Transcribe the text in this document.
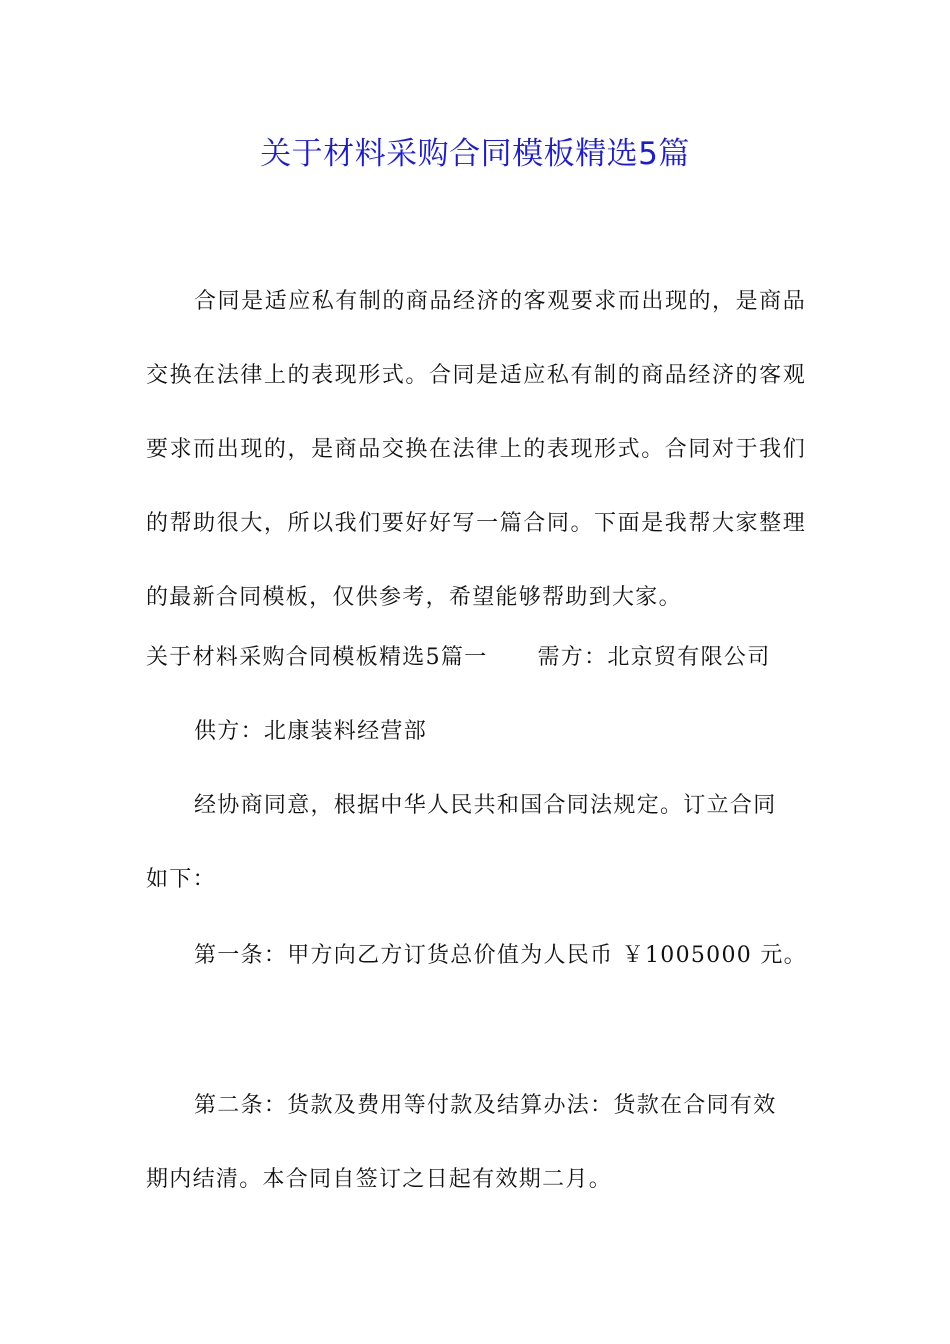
关于材料采购合同模板精选5篇
合同是适应私有制的商品经济的客观要求而出现的，是商品交换在法律上的表现形式。合同是适应私有制的商品经济的客观要求而出现的，是商品交换在法律上的表现形式。合同对于我们的帮助很大，所以我们要好好写一篇合同。下面是我帮大家整理的最新合同模板，仅供参考，希望能够帮助到大家。
关于材料采购合同模板精选5篇一 需方：北京贸有限公司
供方：北康装料经营部
经协商同意，根据中华人民共和国合同法规定。订立合同
如下：
第一条：甲方向乙方订货总价值为人民币 ￥1005000 元。
第二条：货款及费用等付款及结算办法：货款在合同有效
期内结清。本合同自签订之日起有效期二月。
